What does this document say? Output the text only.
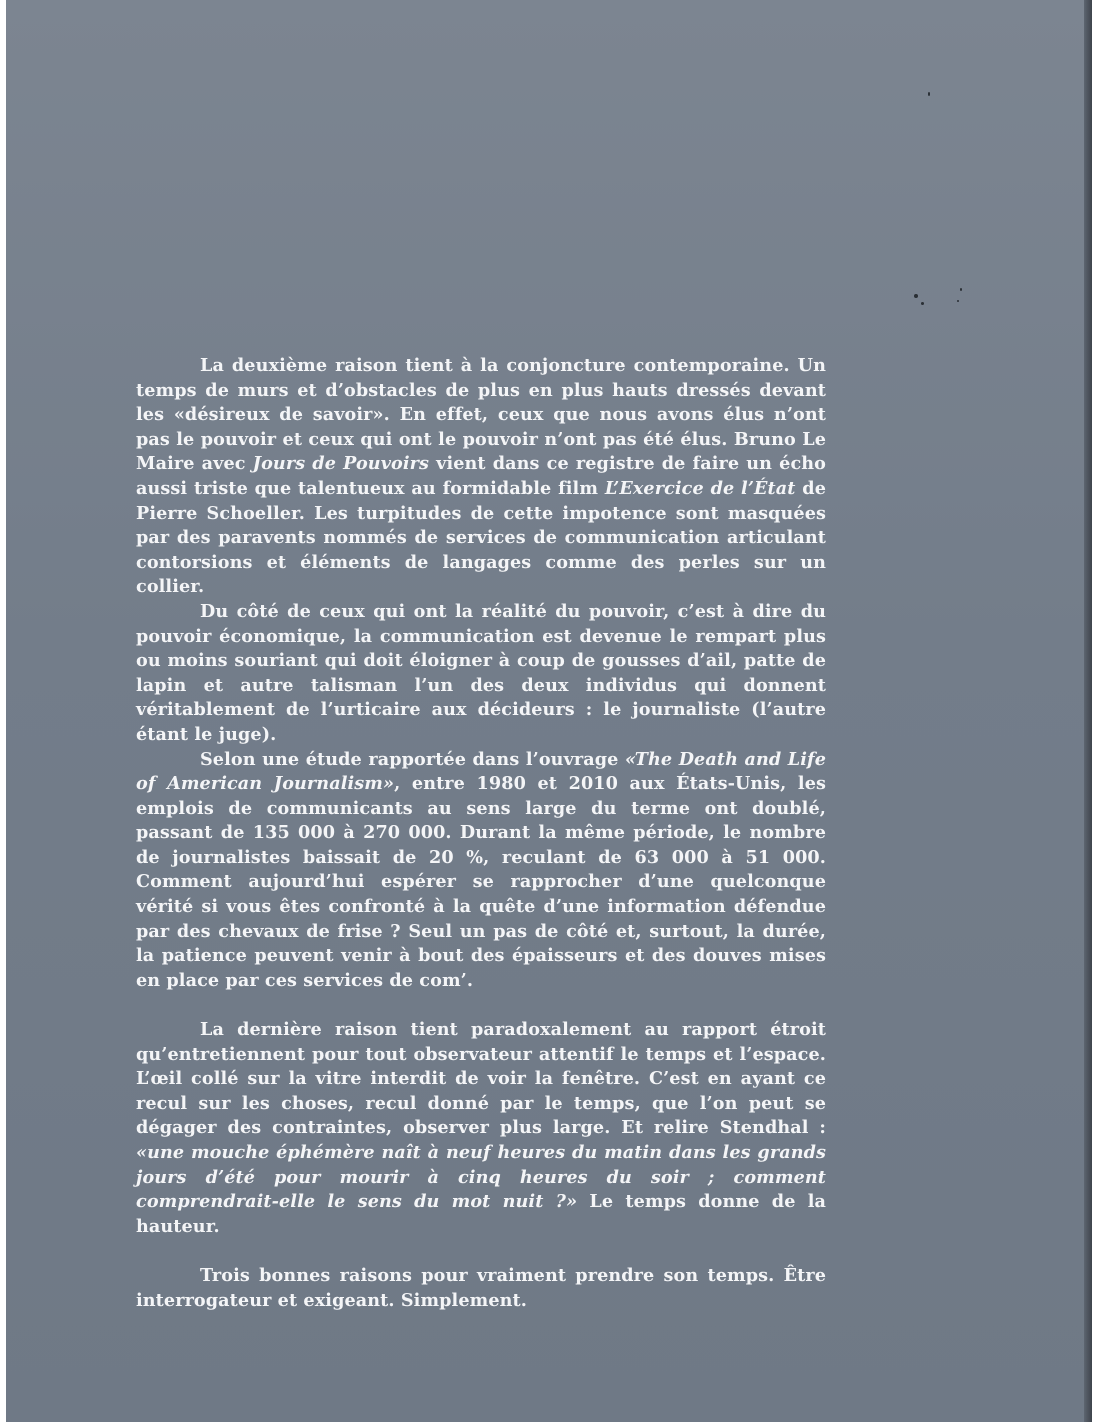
La deuxième raison tient à la conjoncture contemporaine. Un temps de murs et d’obstacles de plus en plus hauts dressés devant les «désireux de savoir». En effet, ceux que nous avons élus n’ont pas le pouvoir et ceux qui ont le pouvoir n’ont pas été élus. Bruno Le Maire avec Jours de Pouvoirs vient dans ce registre de faire un écho aussi triste que talentueux au formidable film L’Exercice de l’État de Pierre Schoeller. Les turpitudes de cette impotence sont masquées par des paravents nommés de services de communication articulant contorsions et éléments de langages comme des perles sur un collier.

Du côté de ceux qui ont la réalité du pouvoir, c’est à dire du pouvoir économique, la communication est devenue le rempart plus ou moins souriant qui doit éloigner à coup de gousses d’ail, patte de lapin et autre talisman l’un des deux individus qui donnent véritablement de l’urticaire aux décideurs : le journaliste (l’autre étant le juge).

Selon une étude rapportée dans l’ouvrage «The Death and Life of American Journalism», entre 1980 et 2010 aux États-Unis, les emplois de communicants au sens large du terme ont doublé, passant de 135 000 à 270 000. Durant la même période, le nombre de journalistes baissait de 20 %, reculant de 63 000 à 51 000. Comment aujourd’hui espérer se rapprocher d’une quelconque vérité si vous êtes confronté à la quête d’une information défendue par des chevaux de frise ? Seul un pas de côté et, surtout, la durée, la patience peuvent venir à bout des épaisseurs et des douves mises en place par ces services de com’.

La dernière raison tient paradoxalement au rapport étroit qu’entretiennent pour tout observateur attentif le temps et l’espace. L’œil collé sur la vitre interdit de voir la fenêtre. C’est en ayant ce recul sur les choses, recul donné par le temps, que l’on peut se dégager des contraintes, observer plus large. Et relire Stendhal : «une mouche éphémère naît à neuf heures du matin dans les grands jours d’été pour mourir à cinq heures du soir ; comment comprendrait-elle le sens du mot nuit ?» Le temps donne de la hauteur.

Trois bonnes raisons pour vraiment prendre son temps. Être interrogateur et exigeant. Simplement.
